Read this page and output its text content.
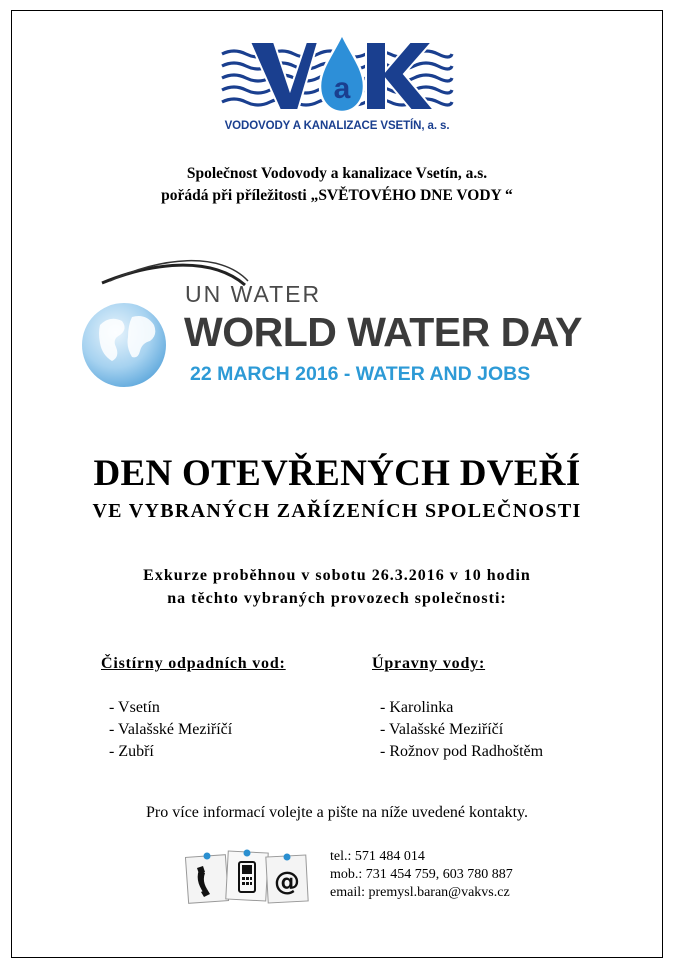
a
VODOVODY A KANALIZACE VSETÍN, a. s.
Společnost Vodovody a kanalizace Vsetín, a.s.
pořádá při příležitosti „SVĚTOVÉHO DNE VODY “
UN WATER
WORLD WATER DAY
22 MARCH 2016 - WATER AND JOBS
DEN OTEVŘENÝCH DVEŘÍ
VE VYBRANÝCH ZAŘÍZENÍCH SPOLEČNOSTI
Exkurze proběhnou v sobotu 26.3.2016 v 10 hodin
na těchto vybraných provozech společnosti:
Čistírny odpadních vod:
- Vsetín
- Valašské Meziříčí
- Zubří
Úpravny vody:
- Karolinka
- Valašské Meziříčí
- Rožnov pod Radhoštěm
Pro více informací volejte a pište na níže uvedené kontakty.
@
tel.: 571 484 014
mob.: 731 454 759, 603 780 887
email: premysl.baran@vakvs.cz
